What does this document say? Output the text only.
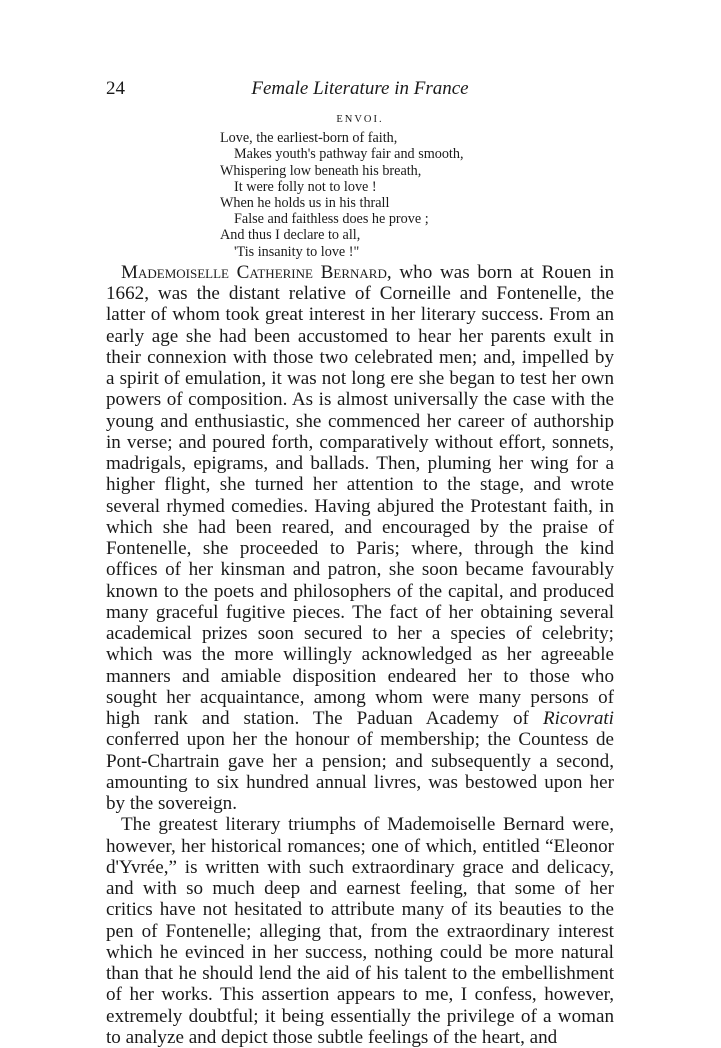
24	Female Literature in France
ENVOI.
Love, the earliest-born of faith,
Makes youth's pathway fair and smooth,
Whispering low beneath his breath,
It were folly not to love !
When he holds us in his thrall
False and faithless does he prove ;
And thus I declare to all,
'Tis insanity to love !"

Mademoiselle Catherine Bernard, who was born at Rouen in 1662, was the distant relative of Corneille and Fontenelle, the latter of whom took great interest in her literary success. From an early age she had been accustomed to hear her parents exult in their connexion with those two celebrated men; and, impelled by a spirit of emulation, it was not long ere she began to test her own powers of composition. As is almost universally the case with the young and enthusiastic, she commenced her career of authorship in verse; and poured forth, comparatively without effort, sonnets, madrigals, epigrams, and ballads. Then, pluming her wing for a higher flight, she turned her attention to the stage, and wrote several rhymed comedies. Having abjured the Protestant faith, in which she had been reared, and encouraged by the praise of Fontenelle, she proceeded to Paris; where, through the kind offices of her kinsman and patron, she soon became favourably known to the poets and philosophers of the capital, and produced many graceful fugitive pieces. The fact of her obtaining several academical prizes soon secured to her a species of celebrity; which was the more willingly acknowledged as her agreeable manners and amiable disposition endeared her to those who sought her acquaintance, among whom were many persons of high rank and station. The Paduan Academy of Ricovrati conferred upon her the honour of membership; the Countess de Pont-Chartrain gave her a pension; and subsequently a second, amounting to six hundred annual livres, was bestowed upon her by the sovereign.

The greatest literary triumphs of Mademoiselle Bernard were, however, her historical romances; one of which, entitled “Eleonor d'Yvrée,” is written with such extraordinary grace and delicacy, and with so much deep and earnest feeling, that some of her critics have not hesitated to attribute many of its beauties to the pen of Fontenelle; alleging that, from the extraordinary interest which he evinced in her success, nothing could be more natural than that he should lend the aid of his talent to the embellishment of her works. This assertion appears to me, I confess, however, extremely doubtful; it being essentially the privilege of a woman to analyze and depict those subtle feelings of the heart, and
